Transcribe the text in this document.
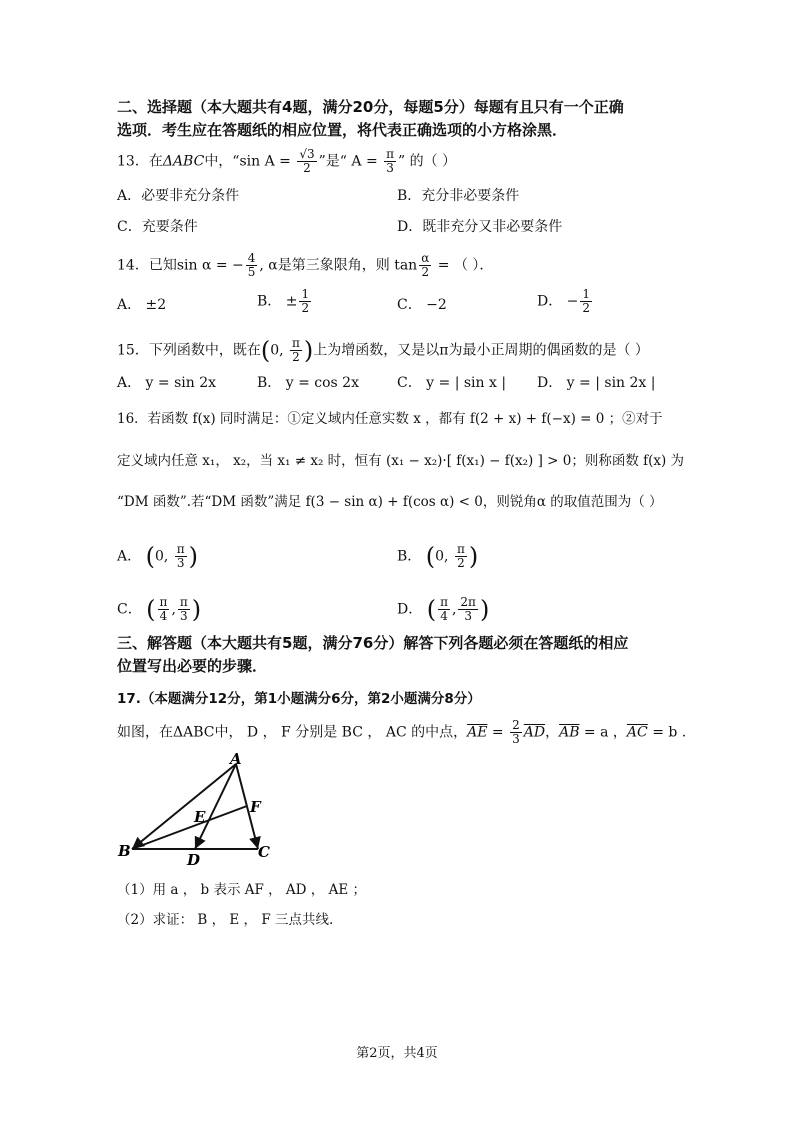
二、选择题（本大题共有4题，满分20分，每题5分）每题有且只有一个正确
选项．考生应在答题纸的相应位置，将代表正确选项的小方格涂黑．
13．在ΔABC中，“sin $A = \frac{√3}{2}$ ”是“ $A = \frac{\pi}{3}$ ” 的（ ）
A．必要非充分条件	B．充分非必要条件
C．充要条件	D．既非充分又非必要条件
14．已知sin α = − $\frac{4}{5}$ , α是第三象限角，则 $\tan \frac{\alpha}{2}$ = （ ）．
A． ±2	B． ± $\frac{1}{2}$	C． −2	D． − $\frac{1}{2}$
15．下列函数中，既在(0, $\frac{\pi}{2}$ )上为增函数，又是以π为最小正周期的偶函数的是（ ）
A． y = sin 2x	B． y = cos 2x	C． y = | sin x | D． y = | sin 2x |
16．若函数 f(x) 同时满足：①定义域内任意实数 x ，都有 f(2 + x) + f(−x) = 0 ；②对于
定义域内任意 x₁， x₂，当 x₁ ≠ x₂ 时，恒有 (x₁ − x₂)·[ f(x₁) − f(x₂) ] > 0；则称函数 f(x) 为
“DM 函数”.若“DM 函数”满足 f(3 − sin α) + f(cos α) < 0，则锐角α 的取值范围为（ ）
A． (0, $\frac{\pi}{3}$ )	B． (0, $\frac{\pi}{2}$ )
C． ( $\frac{\pi}{4}$ , $\frac{\pi}{3}$ )	D． ( $\frac{\pi}{4}$ , $\frac{2\pi}{3}$ )
三、解答题（本大题共有5题，满分76分）解答下列各题必须在答题纸的相应
位置写出必要的步骤．
17.（本题满分12分，第1小题满分6分，第2小题满分8分）
如图，在ΔABC中， D ， F 分别是 BC ， AC 的中点，$\overline{AE} = \frac{2}{3} \overline{AD}$，$\overline{AB} = a$ ，$\overline{AC} = b$ .
A
B	C
D
E
F
（1）用 a ， b 表示 AF ， AD ， AE ；
（2）求证： B ， E ， F 三点共线.
第2页，共4页
